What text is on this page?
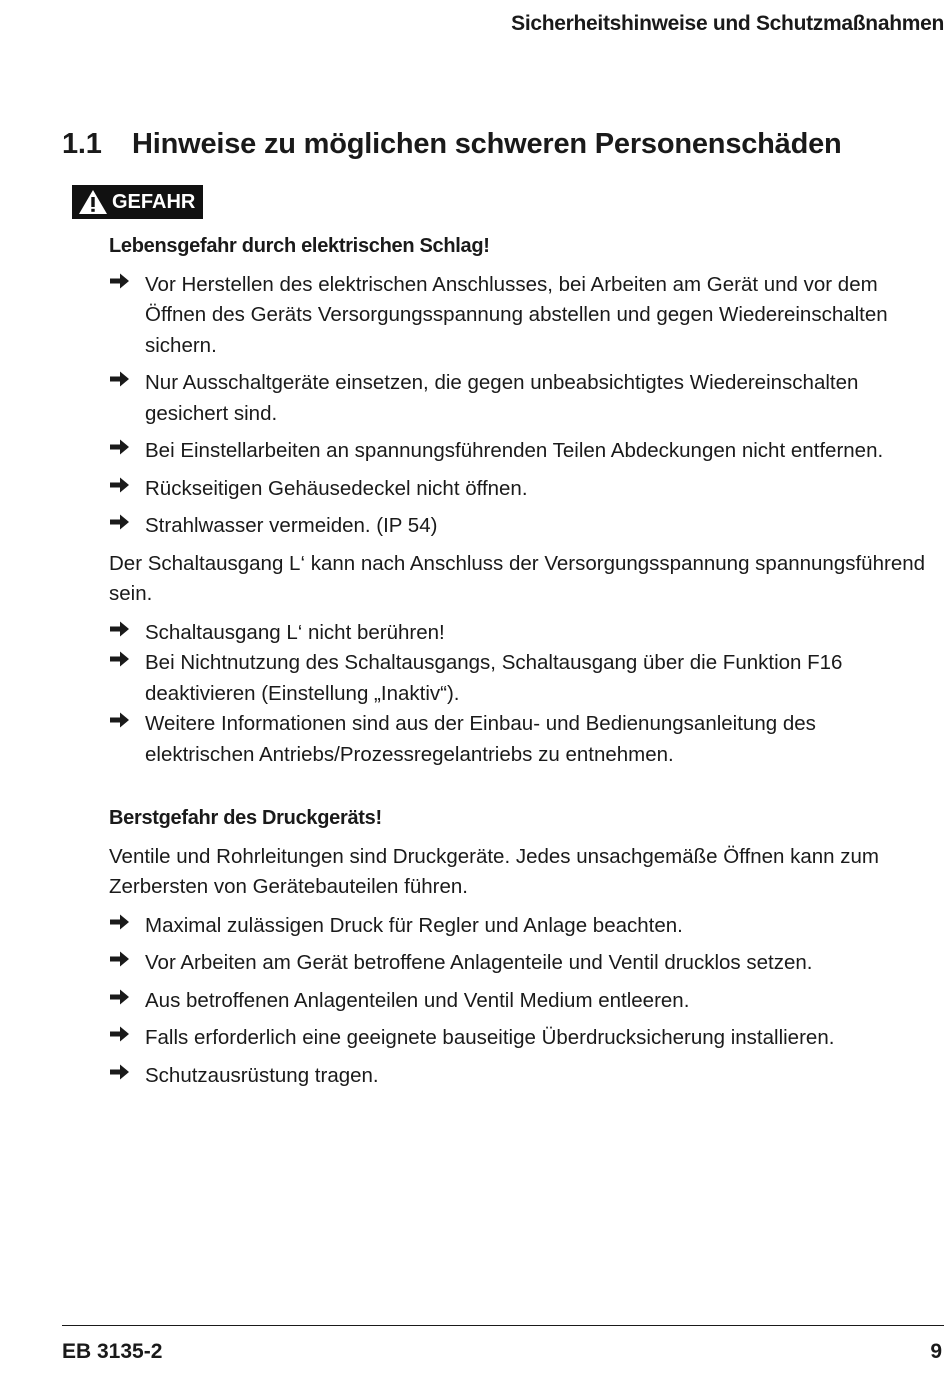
Sicherheitshinweise und Schutzmaßnahmen
1.1 Hinweise zu möglichen schweren Personenschäden
GEFAHR
Lebensgefahr durch elektrischen Schlag!
Vor Herstellen des elektrischen Anschlusses, bei Arbeiten am Gerät und vor dem Öffnen des Geräts Versorgungsspannung abstellen und gegen Wiedereinschalten sichern.
Nur Ausschaltgeräte einsetzen, die gegen unbeabsichtigtes Wiedereinschalten gesichert sind.
Bei Einstellarbeiten an spannungsführenden Teilen Abdeckungen nicht entfernen.
Rückseitigen Gehäusedeckel nicht öffnen.
Strahlwasser vermeiden. (IP 54)
Der Schaltausgang L‘ kann nach Anschluss der Versorgungsspannung spannungsführend sein.
Schaltausgang L‘ nicht berühren!
Bei Nichtnutzung des Schaltausgangs, Schaltausgang über die Funktion F16 deaktivieren (Einstellung „Inaktiv“).
Weitere Informationen sind aus der Einbau- und Bedienungsanleitung des elektrischen Antriebs/Prozessregelantriebs zu entnehmen.
Berstgefahr des Druckgeräts!
Ventile und Rohrleitungen sind Druckgeräte. Jedes unsachgemäße Öffnen kann zum Zerbersten von Gerätebauteilen führen.
Maximal zulässigen Druck für Regler und Anlage beachten.
Vor Arbeiten am Gerät betroffene Anlagenteile und Ventil drucklos setzen.
Aus betroffenen Anlagenteilen und Ventil Medium entleeren.
Falls erforderlich eine geeignete bauseitige Überdrucksicherung installieren.
Schutzausrüstung tragen.
EB 3135-2	9
